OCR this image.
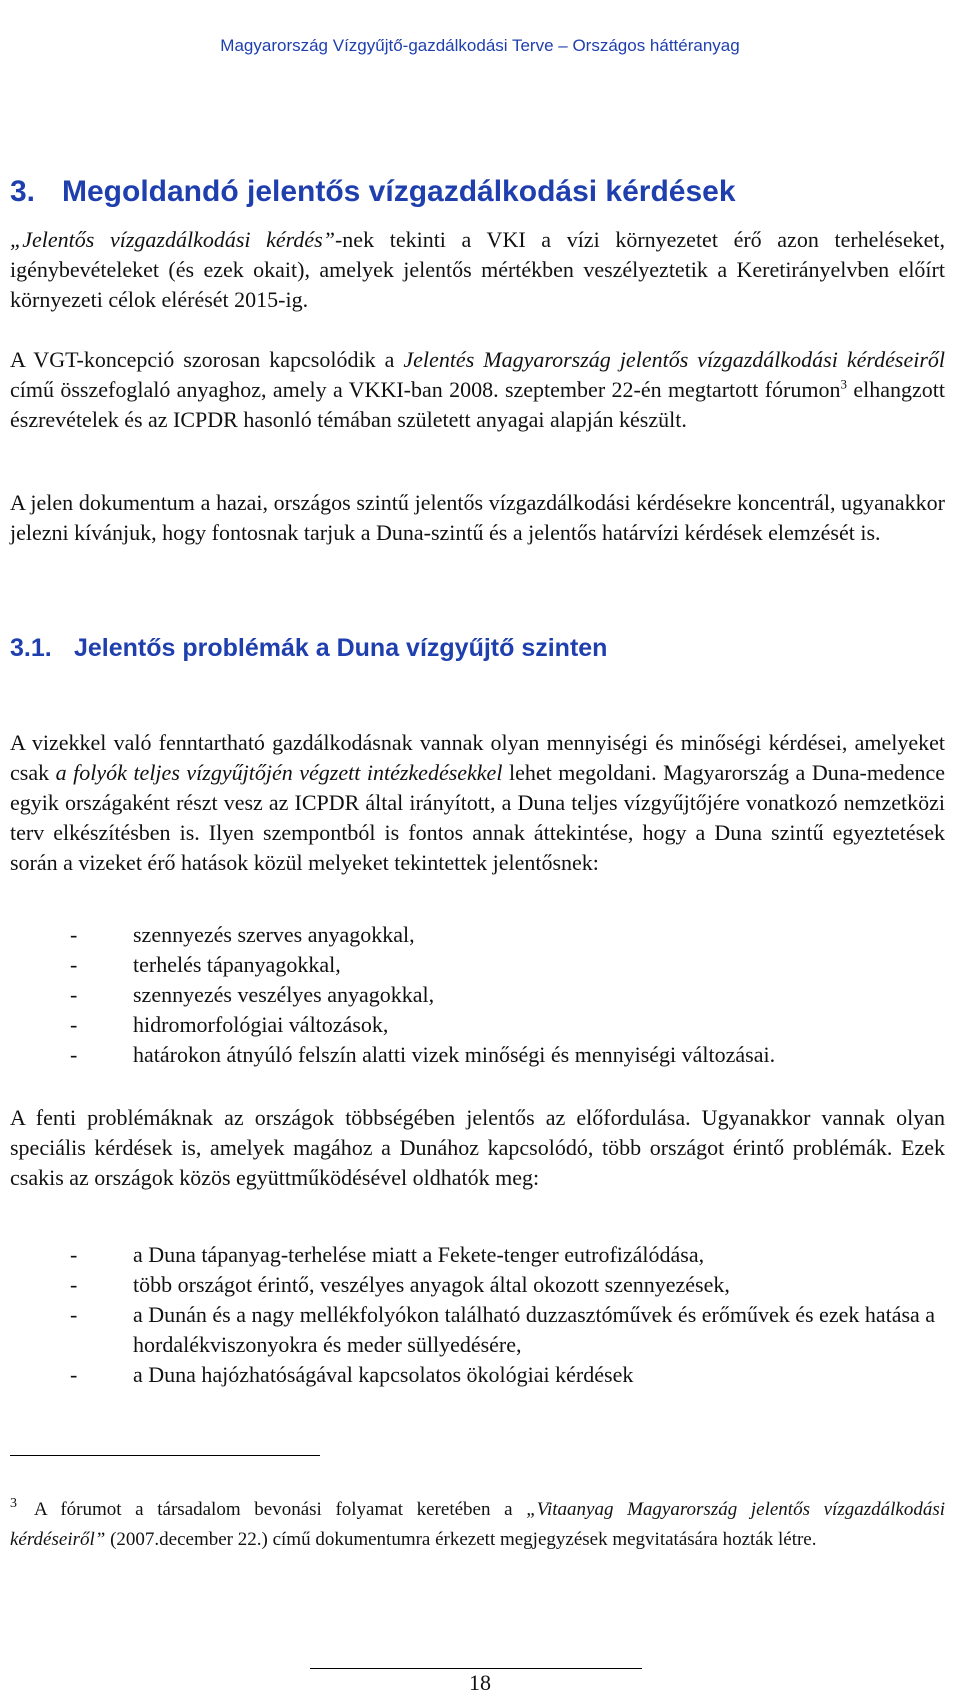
Magyarország Vízgyűjtő-gazdálkodási Terve – Országos háttéranyag
3. Megoldandó jelentős vízgazdálkodási kérdések

„Jelentős vízgazdálkodási kérdés”-nek tekinti a VKI a vízi környezetet érő azon terheléseket, igénybevételeket (és ezek okait), amelyek jelentős mértékben veszélyeztetik a Keretirányelvben előírt környezeti célok elérését 2015-ig.

A VGT-koncepció szorosan kapcsolódik a Jelentés Magyarország jelentős vízgazdálkodási kérdéseiről című összefoglaló anyaghoz, amely a VKKI-ban 2008. szeptember 22-én megtartott fórumon$^3$ elhangzott észrevételek és az ICPDR hasonló témában született anyagai alapján készült.

A jelen dokumentum a hazai, országos szintű jelentős vízgazdálkodási kérdésekre koncentrál, ugyanakkor jelezni kívánjuk, hogy fontosnak tarjuk a Duna-szintű és a jelentős határvízi kérdések elemzését is.

3.1. Jelentős problémák a Duna vízgyűjtő szinten

A vizekkel való fenntartható gazdálkodásnak vannak olyan mennyiségi és minőségi kérdései, amelyeket csak a folyók teljes vízgyűjtőjén végzett intézkedésekkel lehet megoldani. Magyarország a Duna-medence egyik országaként részt vesz az ICPDR által irányított, a Duna teljes vízgyűjtőjére vonatkozó nemzetközi terv elkészítésben is. Ilyen szempontból is fontos annak áttekintése, hogy a Duna szintű egyeztetések során a vizeket érő hatások közül melyeket tekintettek jelentősnek:

-	szennyezés szerves anyagokkal,
-	terhelés tápanyagokkal,
-	szennyezés veszélyes anyagokkal,
-	hidromorfológiai változások,
-	határokon átnyúló felszín alatti vizek minőségi és mennyiségi változásai.

A fenti problémáknak az országok többségében jelentős az előfordulása. Ugyanakkor vannak olyan speciális kérdések is, amelyek magához a Dunához kapcsolódó, több országot érintő problémák. Ezek csakis az országok közös együttműködésével oldhatók meg:

-	a Duna tápanyag-terhelése miatt a Fekete-tenger eutrofizálódása,
-	több országot érintő, veszélyes anyagok által okozott szennyezések,
-	a Dunán és a nagy mellékfolyókon található duzzasztóművek és erőművek és ezek hatása a hordalékviszonyokra és meder süllyedésére,
-	a Duna hajózhatóságával kapcsolatos ökológiai kérdések

3 A fórumot a társadalom bevonási folyamat keretében a „Vitaanyag Magyarország jelentős vízgazdálkodási kérdéseiről” (2007.december 22.) című dokumentumra érkezett megjegyzések megvitatására hozták létre.

18
